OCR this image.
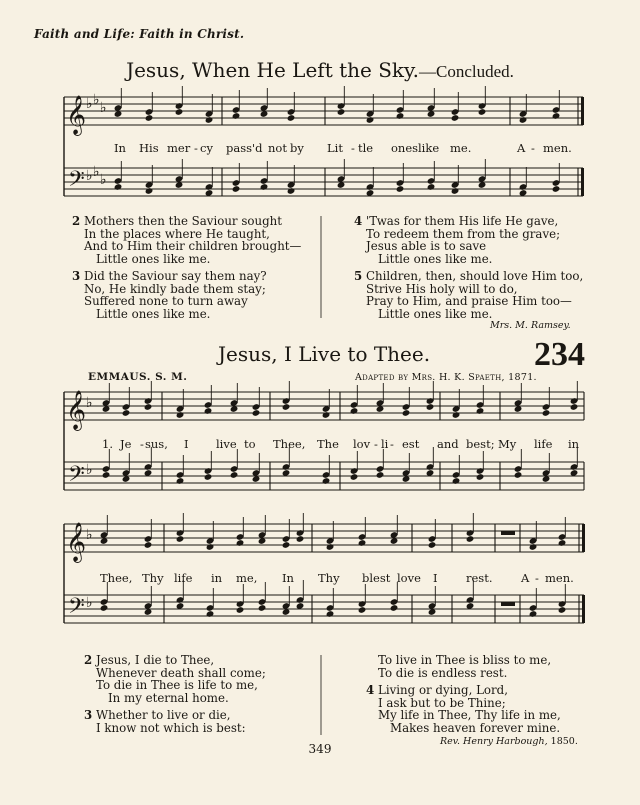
Faith and Life: Faith in Christ.
Jesus, When He Left the Sky.—Concluded.
𝄞
𝄢
♭ ♭ ♭
♭ ♭ ♭
𝄞
𝄢
♭
♭
𝄞
𝄢
♭
♭
In His mer - cy pass'd not by Lit - tle ones like me.	A - men.
2 Mothers then the Saviour sought
In the places where He taught,
And to Him their children brought—
Little ones like me.
3 Did the Saviour say them nay?
No, He kindly bade them stay;
Suffered none to turn away
Little ones like me.
4 'Twas for them His life He gave,
To redeem them from the grave;
Jesus able is to save
Little ones like me.
5 Children, then, should love Him too,
Strive His holy will to do,
Pray to Him, and praise Him too—
Little ones like me.
Mrs. M. Ramsey.
Jesus, I Live to Thee.	234
EMMAUS. S. M.	Adapted by Mrs. H. K. Spaeth, 1871.
1. Je - sus, I live to Thee, The lov - li - est and best; My life in
Thee, Thy life in me, In Thy blest love I rest. A - men.
2 Jesus, I die to Thee,
Whenever death shall come;
To die in Thee is life to me,
In my eternal home.
3 Whether to live or die,
I know not which is best:
To live in Thee is bliss to me,
To die is endless rest.
4 Living or dying, Lord,
I ask but to be Thine;
My life in Thee, Thy life in me,
Makes heaven forever mine.
Rev. Henry Harbough, 1850.
349
